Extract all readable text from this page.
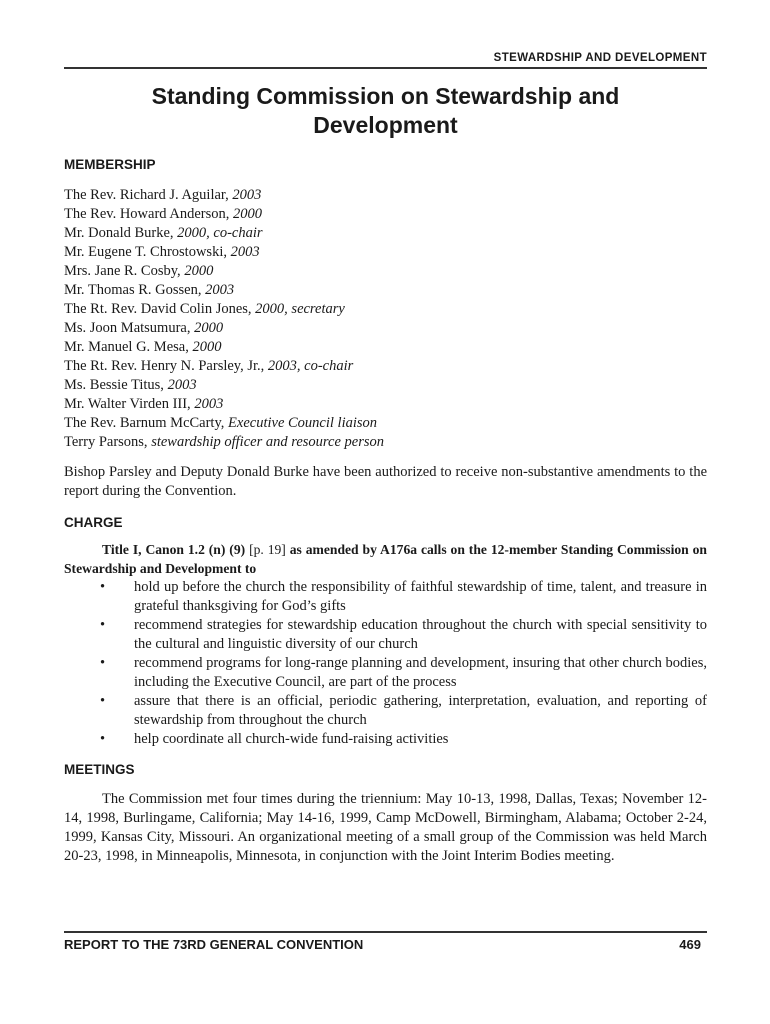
STEWARDSHIP AND DEVELOPMENT
Standing Commission on Stewardship and
Development
MEMBERSHIP
The Rev. Richard J. Aguilar, 2003
The Rev. Howard Anderson, 2000
Mr. Donald Burke, 2000, co-chair
Mr. Eugene T. Chrostowski, 2003
Mrs. Jane R. Cosby, 2000
Mr. Thomas R. Gossen, 2003
The Rt. Rev. David Colin Jones, 2000, secretary
Ms. Joon Matsumura, 2000
Mr. Manuel G. Mesa, 2000
The Rt. Rev. Henry N. Parsley, Jr., 2003, co-chair
Ms. Bessie Titus, 2003
Mr. Walter Virden III, 2003
The Rev. Barnum McCarty, Executive Council liaison
Terry Parsons, stewardship officer and resource person

Bishop Parsley and Deputy Donald Burke have been authorized to receive non-substantive amendments to the report during the Convention.

CHARGE

Title I, Canon 1.2 (n) (9) [p. 19] as amended by A176a calls on the 12-member Standing Commission on Stewardship and Development to

• hold up before the church the responsibility of faithful stewardship of time, talent, and treasure in grateful thanksgiving for God’s gifts
• recommend strategies for stewardship education throughout the church with special sensitivity to the cultural and linguistic diversity of our church
• recommend programs for long-range planning and development, insuring that other church bodies, including the Executive Council, are part of the process
• assure that there is an official, periodic gathering, interpretation, evaluation, and reporting of stewardship from throughout the church
• help coordinate all church-wide fund-raising activities
MEETINGS

The Commission met four times during the triennium: May 10-13, 1998, Dallas, Texas; November 12-14, 1998, Burlingame, California; May 14-16, 1999, Camp McDowell, Birmingham, Alabama; October 2-24, 1999, Kansas City, Missouri. An organizational meeting of a small group of the Commission was held March 20-23, 1998, in Minneapolis, Minnesota, in conjunction with the Joint Interim Bodies meeting.

REPORT TO THE 73RD GENERAL CONVENTION	469
